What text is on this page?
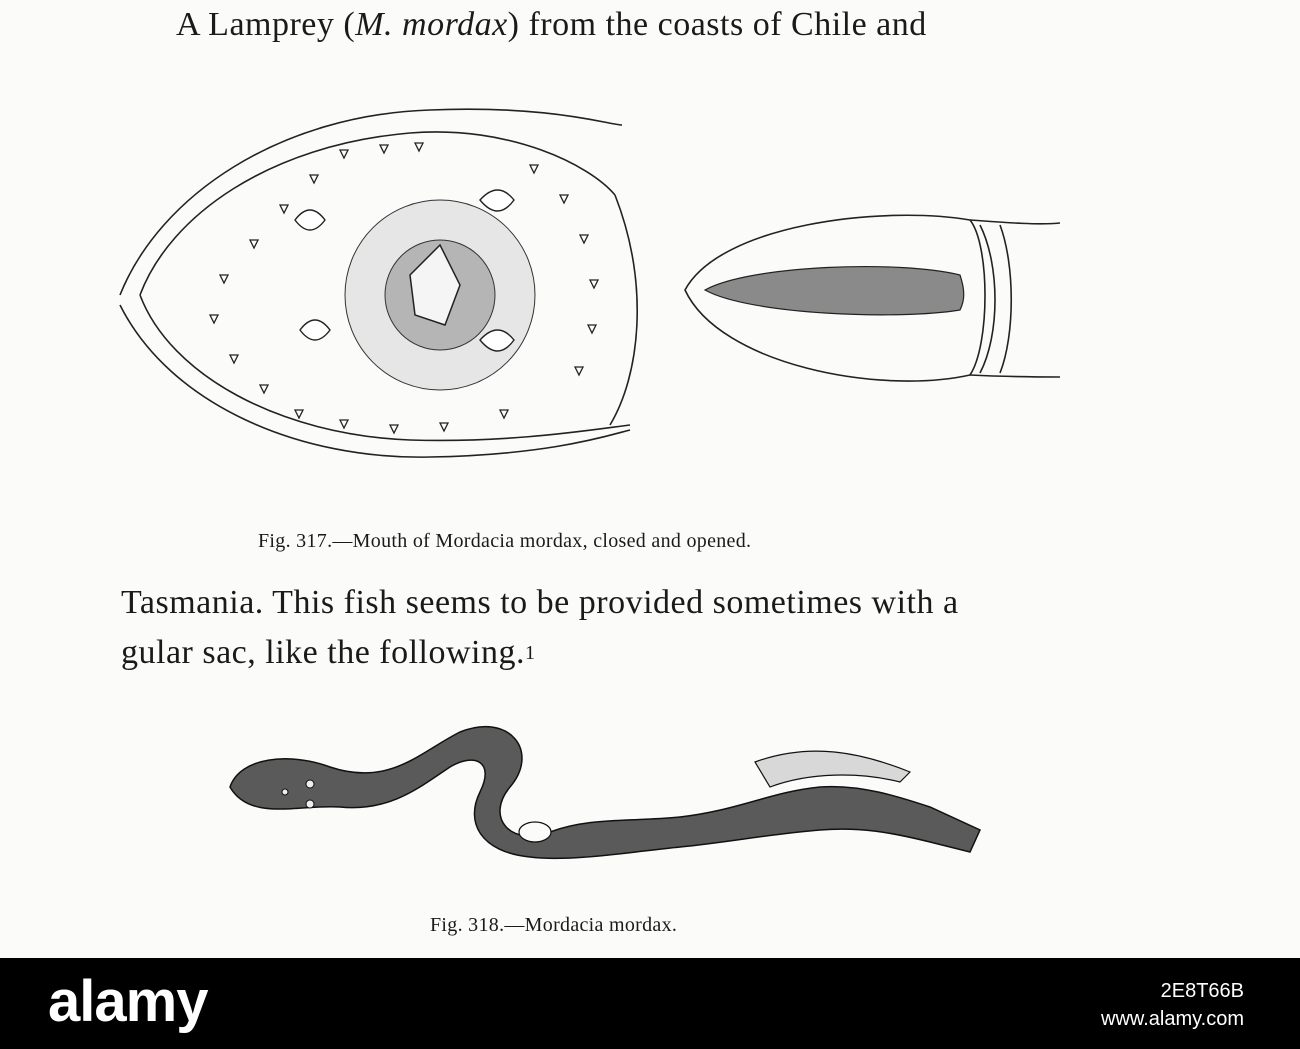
A Lamprey (M. mordax) from the coasts of Chile and
Fig. 317.—Mouth of Mordacia mordax, closed and opened.
Tasmania. This fish seems to be provided sometimes with a
gular sac, like the following.$^1$
Fig. 318.—Mordacia mordax.
alamy	2E8T66B
www.alamy.com
